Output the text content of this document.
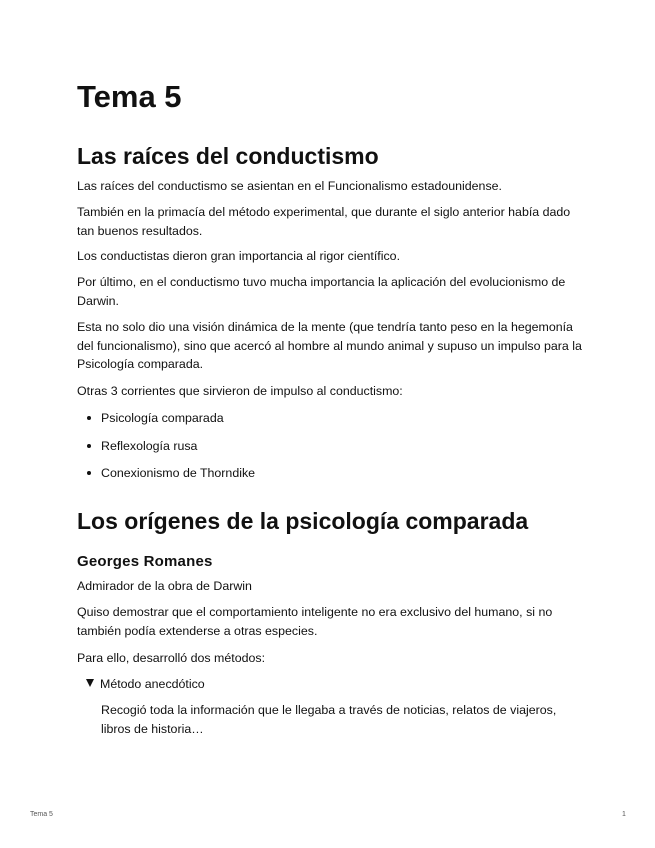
Tema 5
Las raíces del conductismo

Las raíces del conductismo se asientan en el Funcionalismo estadounidense.

También en la primacía del método experimental, que durante el siglo anterior había dado tan buenos resultados.

Los conductistas dieron gran importancia al rigor científico.

Por último, en el conductismo tuvo mucha importancia la aplicación del evolucionismo de Darwin.

Esta no solo dio una visión dinámica de la mente (que tendría tanto peso en la hegemonía del funcionalismo), sino que acercó al hombre al mundo animal y supuso un impulso para la Psicología comparada.

Otras 3 corrientes que sirvieron de impulso al conductismo:

Psicología comparada
Reflexología rusa
Conexionismo de Thorndike
Los orígenes de la psicología comparada
Georges Romanes

Admirador de la obra de Darwin

Quiso demostrar que el comportamiento inteligente no era exclusivo del humano, si no también podía extenderse a otras especies.

Para ello, desarrolló dos métodos:

Método anecdótico

Recogió toda la información que le llegaba a través de noticias, relatos de viajeros, libros de historia…

Tema 5	1
